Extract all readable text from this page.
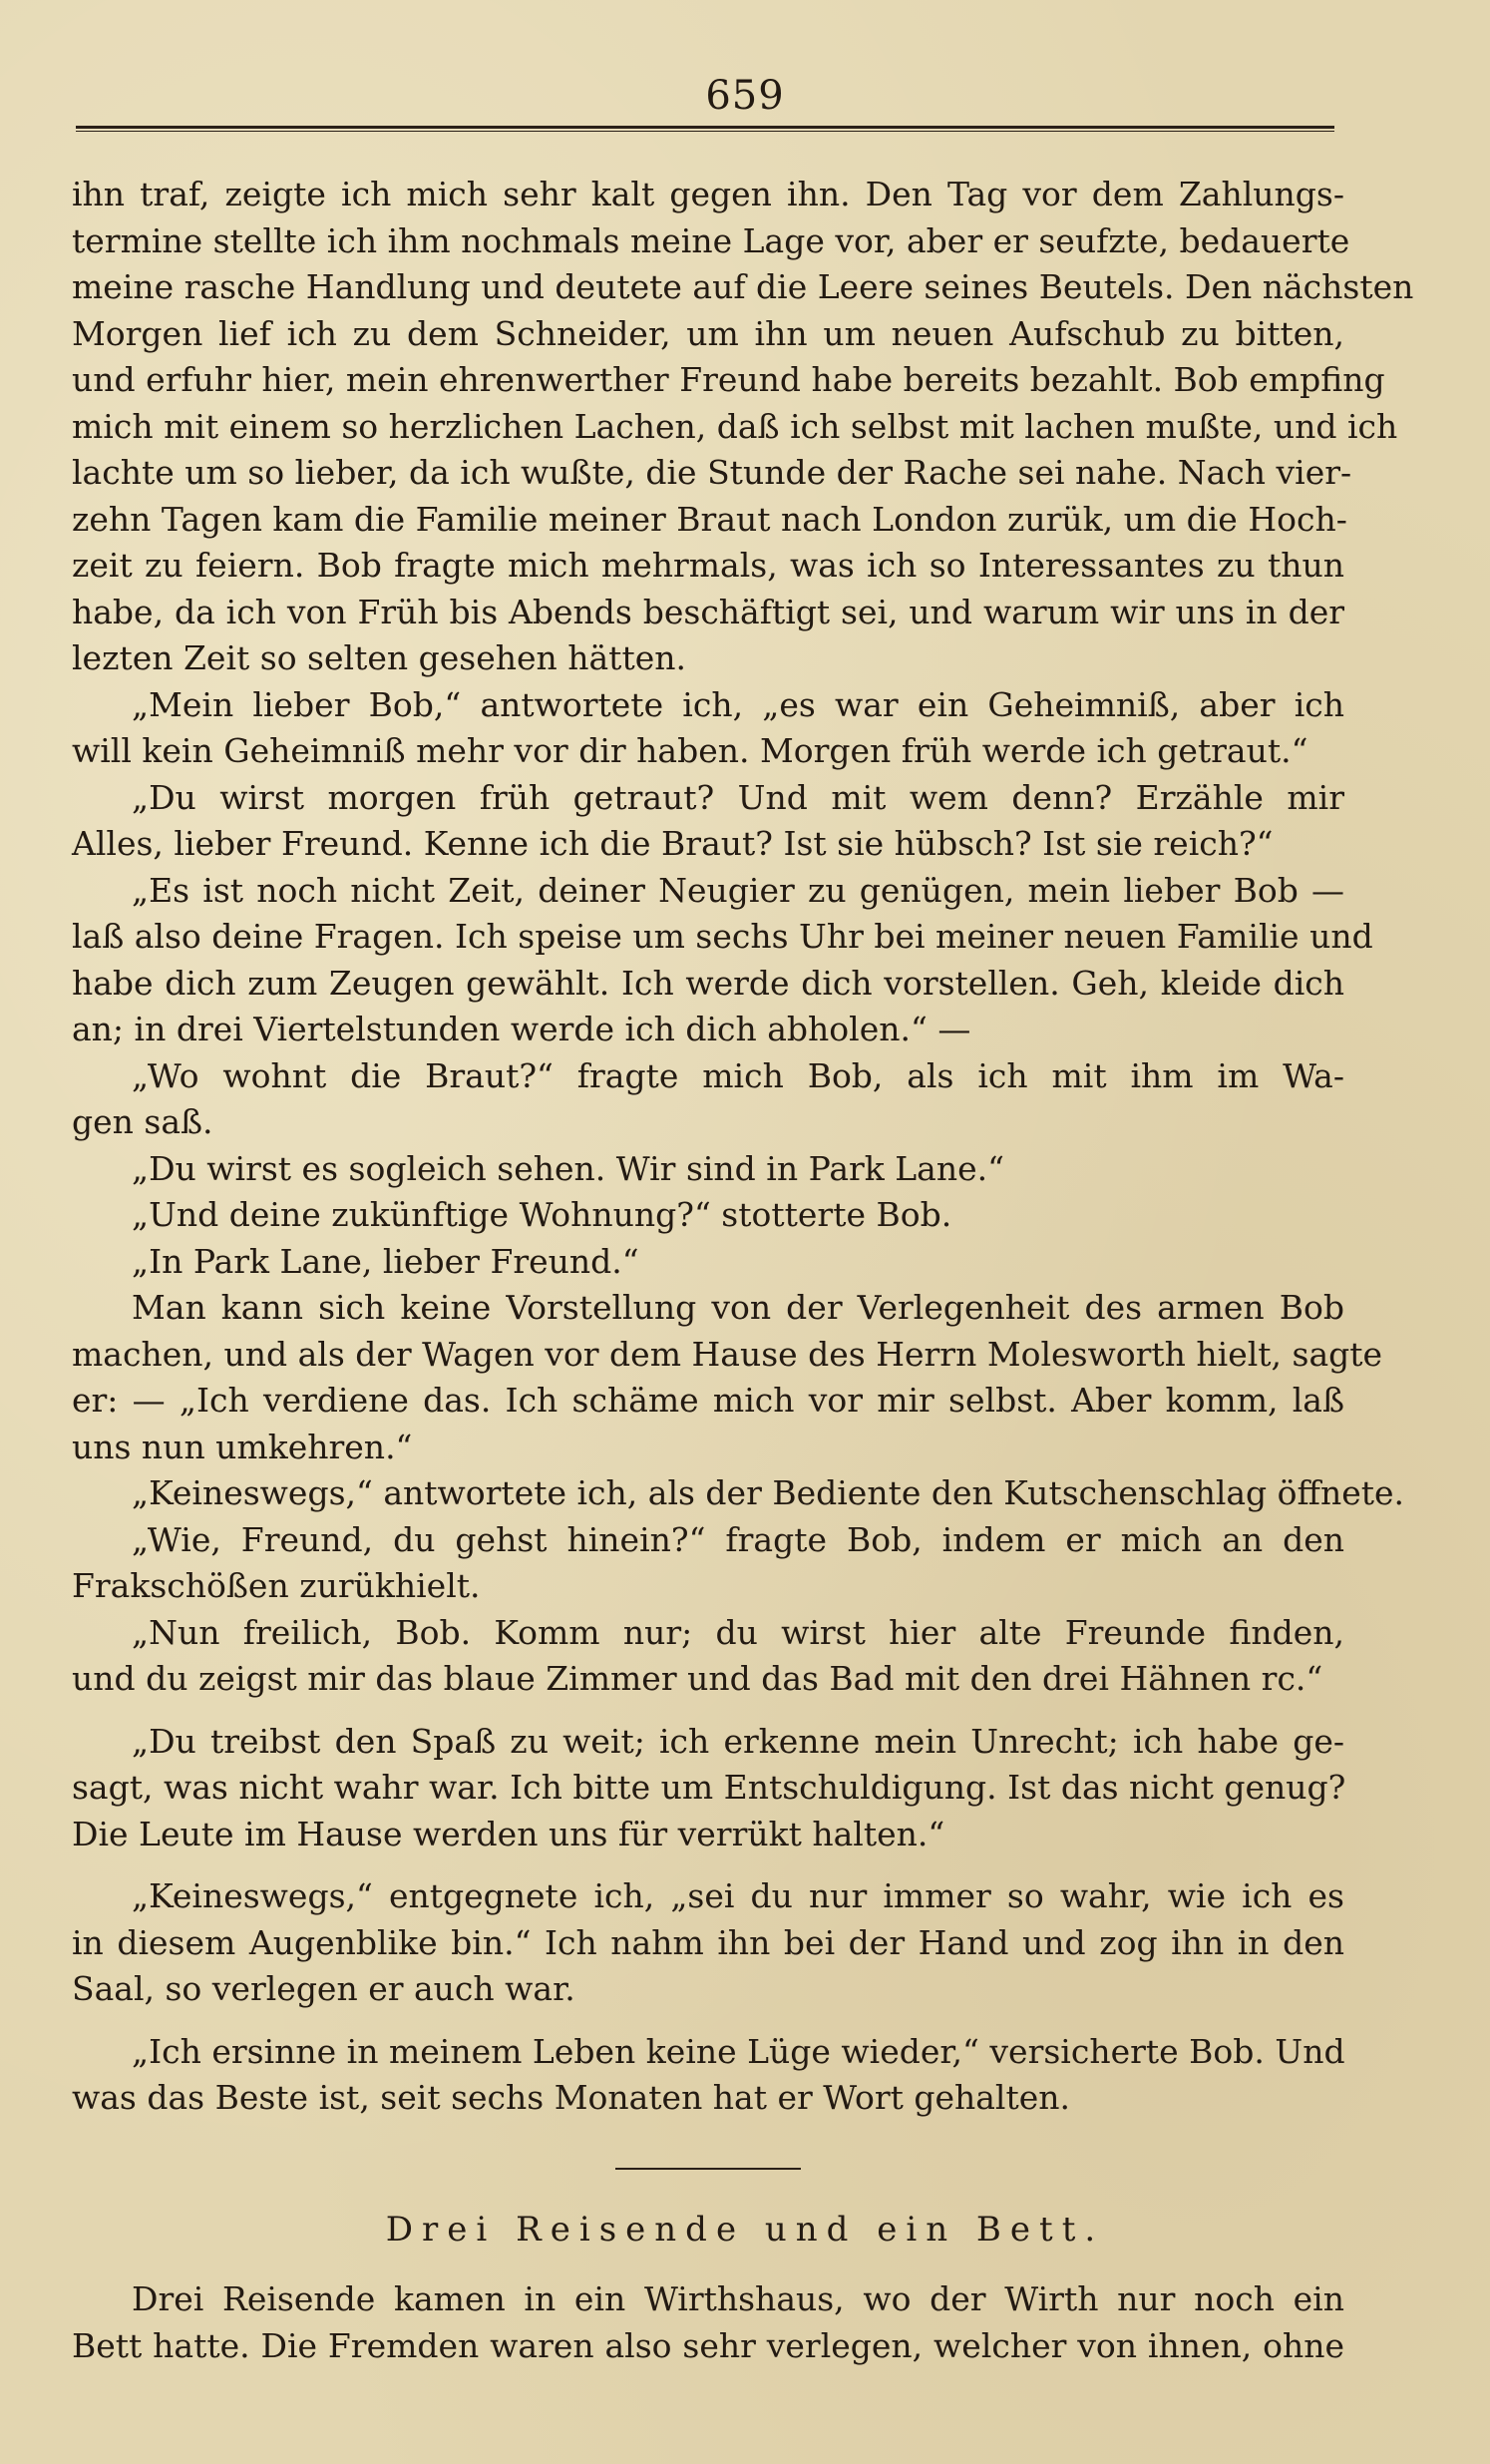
659
ihn traf, zeigte ich mich sehr kalt gegen ihn. Den Tag vor dem Zahlungs-
termine stellte ich ihm nochmals meine Lage vor, aber er seufzte, bedauerte
meine rasche Handlung und deutete auf die Leere seines Beutels. Den nächsten
Morgen lief ich zu dem Schneider, um ihn um neuen Aufschub zu bitten,
und erfuhr hier, mein ehrenwerther Freund habe bereits bezahlt. Bob empfing
mich mit einem so herzlichen Lachen, daß ich selbst mit lachen mußte, und ich
lachte um so lieber, da ich wußte, die Stunde der Rache sei nahe. Nach vier-
zehn Tagen kam die Familie meiner Braut nach London zurük, um die Hoch-
zeit zu feiern. Bob fragte mich mehrmals, was ich so Interessantes zu thun
habe, da ich von Früh bis Abends beschäftigt sei, und warum wir uns in der
lezten Zeit so selten gesehen hätten.
„Mein lieber Bob,“ antwortete ich, „es war ein Geheimniß, aber ich
will kein Geheimniß mehr vor dir haben. Morgen früh werde ich getraut.“
„Du wirst morgen früh getraut? Und mit wem denn? Erzähle mir
Alles, lieber Freund. Kenne ich die Braut? Ist sie hübsch? Ist sie reich?“
„Es ist noch nicht Zeit, deiner Neugier zu genügen, mein lieber Bob —
laß also deine Fragen. Ich speise um sechs Uhr bei meiner neuen Familie und
habe dich zum Zeugen gewählt. Ich werde dich vorstellen. Geh, kleide dich
an; in drei Viertelstunden werde ich dich abholen.“ —
„Wo wohnt die Braut?“ fragte mich Bob, als ich mit ihm im Wa-
gen saß.
„Du wirst es sogleich sehen. Wir sind in Park Lane.“
„Und deine zukünftige Wohnung?“ stotterte Bob.
„In Park Lane, lieber Freund.“
Man kann sich keine Vorstellung von der Verlegenheit des armen Bob
machen, und als der Wagen vor dem Hause des Herrn Molesworth hielt, sagte
er: — „Ich verdiene das. Ich schäme mich vor mir selbst. Aber komm, laß
uns nun umkehren.“
„Keineswegs,“ antwortete ich, als der Bediente den Kutschenschlag öffnete.
„Wie, Freund, du gehst hinein?“ fragte Bob, indem er mich an den
Frakschößen zurükhielt.
„Nun freilich, Bob. Komm nur; du wirst hier alte Freunde finden,
und du zeigst mir das blaue Zimmer und das Bad mit den drei Hähnen rc.“
„Du treibst den Spaß zu weit; ich erkenne mein Unrecht; ich habe ge-
sagt, was nicht wahr war. Ich bitte um Entschuldigung. Ist das nicht genug?
Die Leute im Hause werden uns für verrükt halten.“
„Keineswegs,“ entgegnete ich, „sei du nur immer so wahr, wie ich es
in diesem Augenblike bin.“ Ich nahm ihn bei der Hand und zog ihn in den
Saal, so verlegen er auch war.
„Ich ersinne in meinem Leben keine Lüge wieder,“ versicherte Bob. Und
was das Beste ist, seit sechs Monaten hat er Wort gehalten.
Drei Reisende und ein Bett.
Drei Reisende kamen in ein Wirthshaus, wo der Wirth nur noch ein
Bett hatte. Die Fremden waren also sehr verlegen, welcher von ihnen, ohne
